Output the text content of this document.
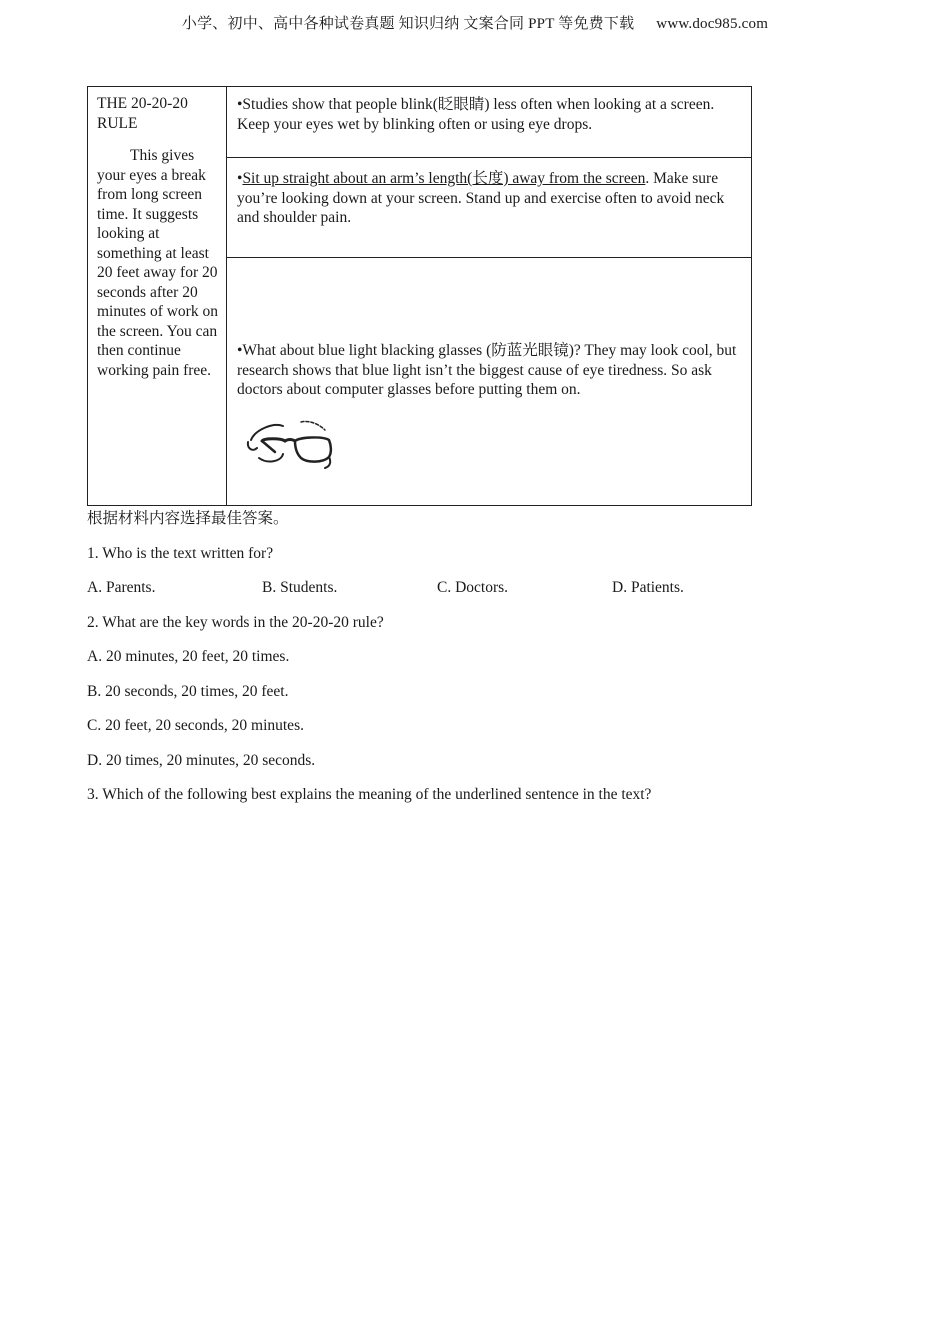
小学、初中、高中各种试卷真题 知识归纳 文案合同 PPT 等免费下载 www.doc985.com
THE 20-20-20 RULE
This gives your eyes a break from long screen time. It suggests looking at something at least 20 feet away for 20 seconds after 20 minutes of work on the screen. You can then continue working pain free.
	•Studies show that people blink(眨眼睛) less often when looking at a screen. Keep your eyes wet by blinking often or using eye drops.
•Sit up straight about an arm’s length(长度) away from the screen. Make sure you’re looking down at your screen. Stand up and exercise often to avoid neck and shoulder pain.

•What about blue light blacking glasses (防蓝光眼镜)? They may look cool, but research shows that blue light isn’t the biggest cause of eye tiredness. So ask doctors about computer glasses before putting them on.
根据材料内容选择最佳答案。
1. Who is the text written for?
A. Parents.	B. Students.	C. Doctors.	D. Patients.
2. What are the key words in the 20-20-20 rule?
A. 20 minutes, 20 feet, 20 times.
B. 20 seconds, 20 times, 20 feet.
C. 20 feet, 20 seconds, 20 minutes.
D. 20 times, 20 minutes, 20 seconds.
3. Which of the following best explains the meaning of the underlined sentence in the text?
